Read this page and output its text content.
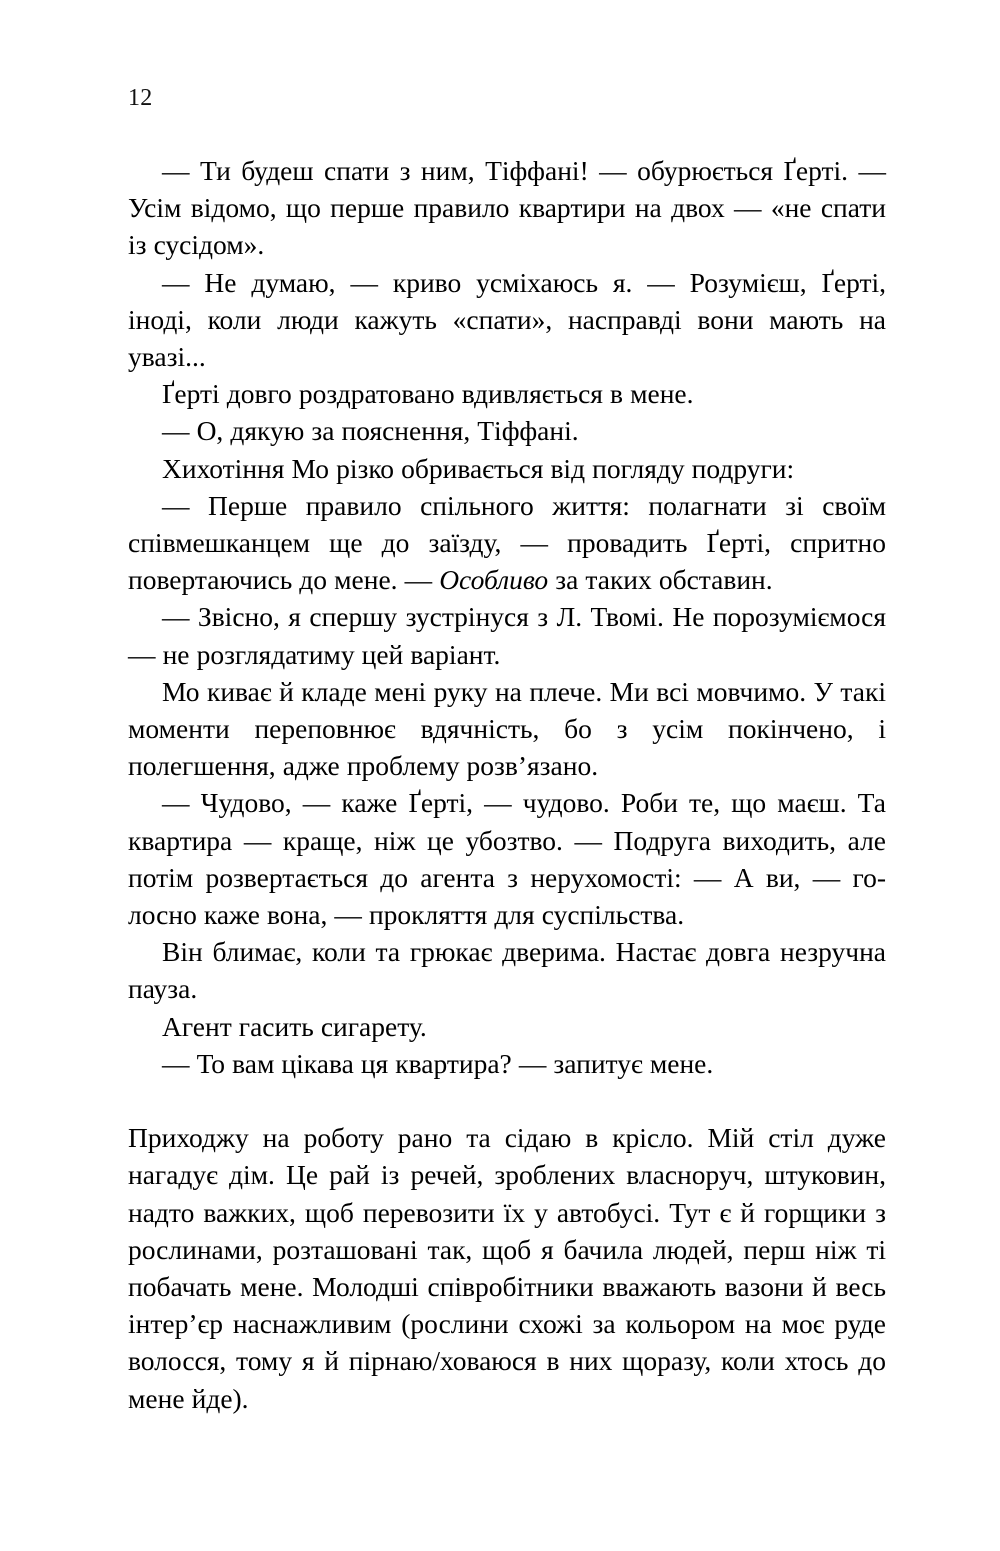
12

— Ти будеш спати з ним, Тіффані! — обурюється Ґерті. — Усім відомо, що перше правило квартири на двох — «не спати із сусідом».

— Не думаю, — криво усміхаюсь я. — Розумієш, Ґерті, іноді, коли люди кажуть «спати», насправді вони мають на увазі...

Ґерті довго роздратовано вдивляється в мене.

— О, дякую за пояснення, Тіффані.

Хихотіння Мо різко обривається від погляду подруги:

— Перше правило спільного життя: полагнати зі своїм співмешканцем ще до заїзду, — провадить Ґерті, спритно повертаючись до мене. — Особливо за таких обставин.

— Звісно, я спершу зустрінуся з Л. Твомі. Не порозуміємося — не розглядатиму цей варіант.

Мо киває й кладе мені руку на плече. Ми всі мовчимо. У такі моменти переповнює вдячність, бо з усім покінчено, і полегшення, адже проблему розв’язано.

— Чудово, — каже Ґерті, — чудово. Роби те, що маєш. Та квартира — краще, ніж це убозтво. — Подруга виходить, але потім розвертається до агента з нерухомості: — А ви, — голосно каже вона, — прокляття для суспільства.

Він блимає, коли та грюкає дверима. Настає довга незручна пауза.

Агент гасить сигарету.

— То вам цікава ця квартира? — запитує мене.

Приходжу на роботу рано та сідаю в крісло. Мій стіл дуже нагадує дім. Це рай із речей, зроблених власноруч, штуковин, надто важких, щоб перевозити їх у автобусі. Тут є й горщики з рослинами, розташовані так, щоб я бачила людей, перш ніж ті побачать мене. Молодші співробітники вважають вазони й весь інтер’єр наснажливим (рослини схожі за кольором на моє руде волосся, тому я й пірнаю/ховаюся в них щоразу, коли хтось до мене йде).
